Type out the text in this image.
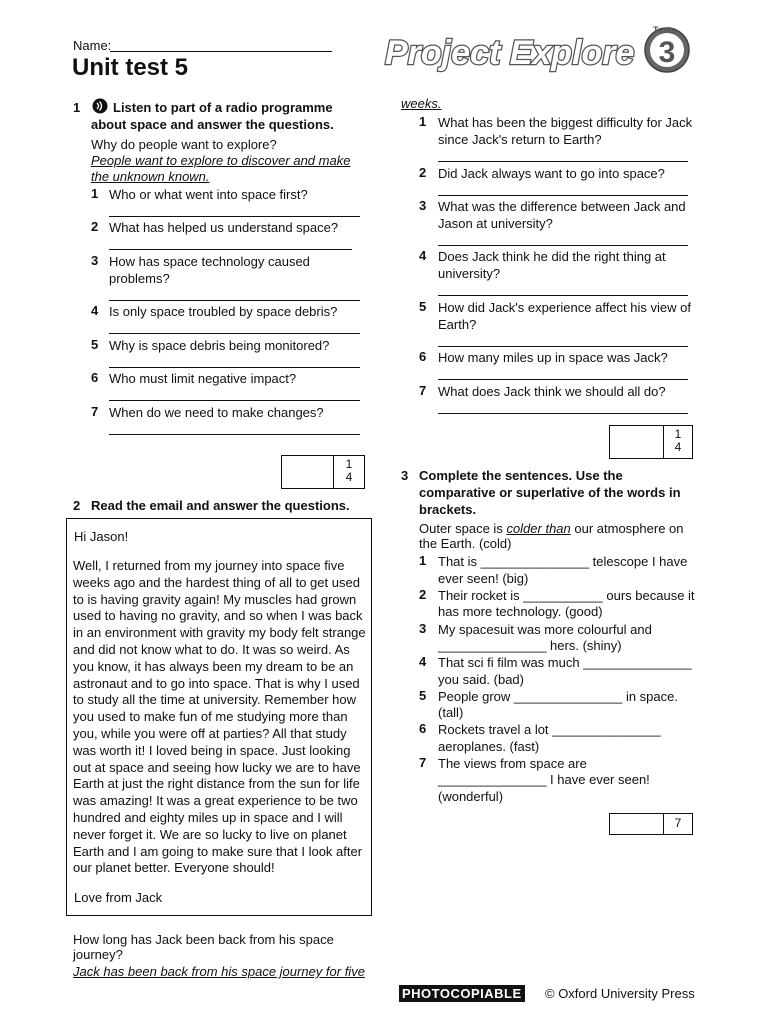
Name:
Unit test 5	Project Explore 3
Tests
1	Listen to part of a radio programme
about space and answer the questions.
Why do people want to explore?
People want to explore to discover and make
the unknown known.
1 Who or what went into space first?
2 What has helped us understand space?
3 How has space technology caused
problems?
4 Is only space troubled by space debris?
5 Why is space debris being monitored?
6 Who must limit negative impact?
7 When do we need to make changes?
14
2 Read the email and answer the questions.
Hi Jason!
Well, I returned from my journey into space five
weeks ago and the hardest thing of all to get used
to is having gravity again! My muscles had grown
used to having no gravity, and so when I was back
in an environment with gravity my body felt strange
and did not know what to do. It was so weird. As
you know, it has always been my dream to be an
astronaut and to go into space. That is why I used
to study all the time at university. Remember how
you used to make fun of me studying more than
you, while you were off at parties? All that study
was worth it! I loved being in space. Just looking
out at space and seeing how lucky we are to have
Earth at just the right distance from the sun for life
was amazing! It was a great experience to be two
hundred and eighty miles up in space and I will
never forget it. We are so lucky to live on planet
Earth and I am going to make sure that I look after
our planet better. Everyone should!
Love from Jack
How long has Jack been back from his space
journey?
Jack has been back from his space journey for five
weeks.
1 What has been the biggest difficulty for Jack
since Jack's return to Earth?
2 Did Jack always want to go into space?
3 What was the difference between Jack and
Jason at university?
4 Does Jack think he did the right thing at
university?
5 How did Jack's experience affect his view of
Earth?
6 How many miles up in space was Jack?
7 What does Jack think we should all do?
14
3 Complete the sentences. Use the
comparative or superlative of the words in
brackets.
Outer space is colder than our atmosphere on
the Earth. (cold)
1 That is _______________ telescope I have
ever seen! (big)
2 Their rocket is ___________ ours because it
has more technology. (good)
3 My spacesuit was more colourful and
_______________ hers. (shiny)
4 That sci fi film was much _______________
you said. (bad)
5 People grow _______________ in space.
(tall)
6 Rockets travel a lot _______________
aeroplanes. (fast)
7 The views from space are
_______________ I have ever seen!
(wonderful)
7
PHOTOCOPIABLE © Oxford University Press
